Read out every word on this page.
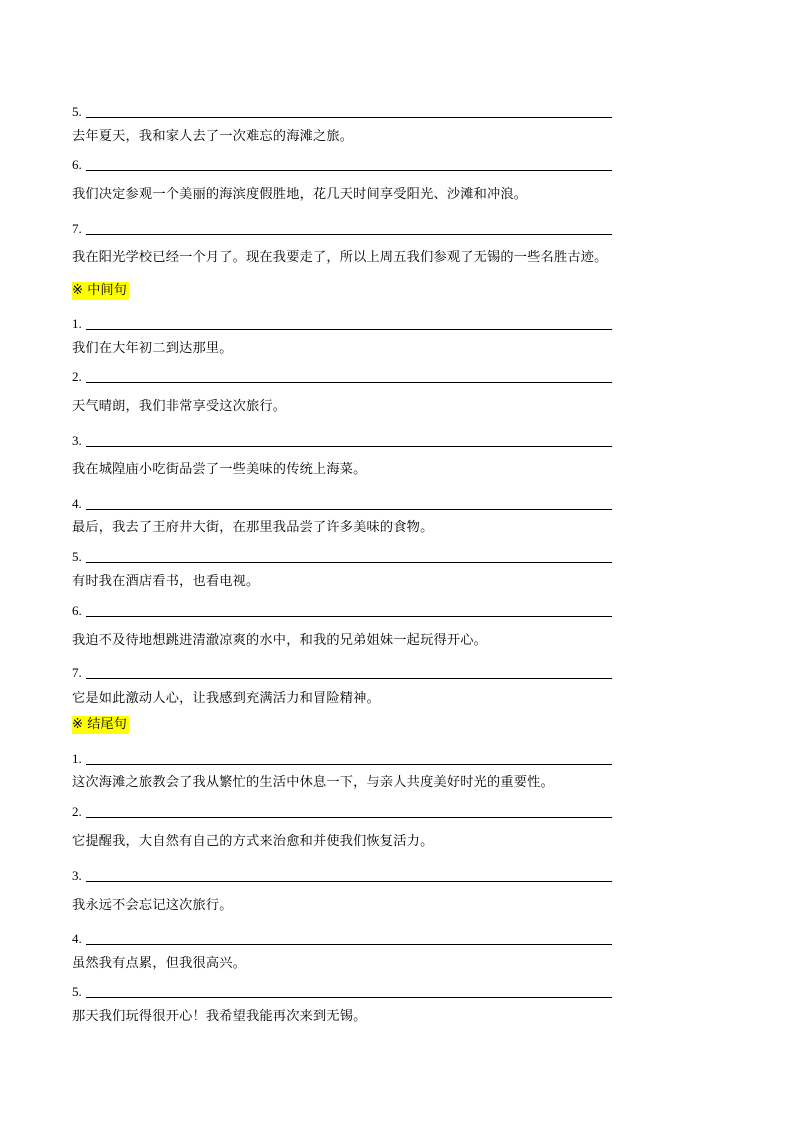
5.
去年夏天，我和家人去了一次难忘的海滩之旅。
6.
我们决定参观一个美丽的海滨度假胜地，花几天时间享受阳光、沙滩和冲浪。
7.
我在阳光学校已经一个月了。现在我要走了，所以上周五我们参观了无锡的一些名胜古迹。
※ 中间句
1.
我们在大年初二到达那里。
2.
天气晴朗，我们非常享受这次旅行。
3.
我在城隍庙小吃街品尝了一些美味的传统上海菜。
4.
最后，我去了王府井大街，在那里我品尝了许多美味的食物。
5.
有时我在酒店看书，也看电视。
6.
我迫不及待地想跳进清澈凉爽的水中，和我的兄弟姐妹一起玩得开心。
7.
它是如此激动人心，让我感到充满活力和冒险精神。
※ 结尾句
1.
这次海滩之旅教会了我从繁忙的生活中休息一下，与亲人共度美好时光的重要性。
2.
它提醒我，大自然有自己的方式来治愈和并使我们恢复活力。
3.
我永远不会忘记这次旅行。
4.
虽然我有点累，但我很高兴。
5.
那天我们玩得很开心！我希望我能再次来到无锡。
